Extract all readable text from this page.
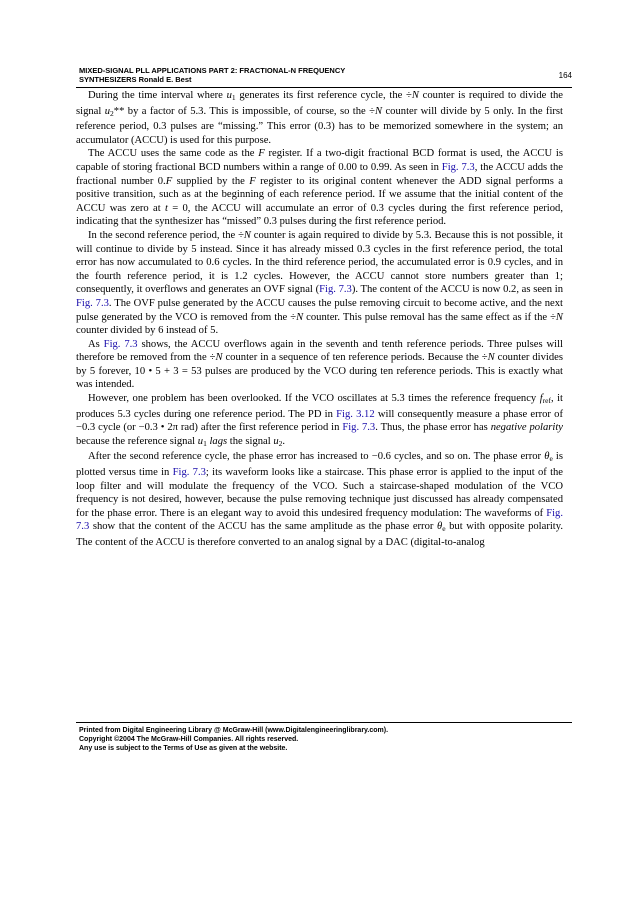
MIXED-SIGNAL PLL APPLICATIONS PART 2: FRACTIONAL-N FREQUENCY
SYNTHESIZERS Ronald E. Best	164

During the time interval where $u_1$ generates its first reference cycle, the ÷N counter is required to divide the signal $u_2**$ by a factor of 5.3. This is impossible, of course, so the ÷N counter will divide by 5 only. In the first reference period, 0.3 pulses are “missing.” This error (0.3) has to be memorized somewhere in the system; an accumulator (ACCU) is used for this purpose.

The ACCU uses the same code as the F register. If a two-digit fractional BCD format is used, the ACCU is capable of storing fractional BCD numbers within a range of 0.00 to 0.99. As seen in Fig. 7.3, the ACCU adds the fractional number 0.F supplied by the F register to its original content whenever the ADD signal performs a positive transition, such as at the beginning of each reference period. If we assume that the initial content of the ACCU was zero at t = 0, the ACCU will accumulate an error of 0.3 cycles during the first reference period, indicating that the synthesizer has “missed” 0.3 pulses during the first reference period.

In the second reference period, the ÷N counter is again required to divide by 5.3. Because this is not possible, it will continue to divide by 5 instead. Since it has already missed 0.3 cycles in the first reference period, the total error has now accumulated to 0.6 cycles. In the third reference period, the accumulated error is 0.9 cycles, and in the fourth reference period, it is 1.2 cycles. However, the ACCU cannot store numbers greater than 1; consequently, it overflows and generates an OVF signal (Fig. 7.3). The content of the ACCU is now 0.2, as seen in Fig. 7.3. The OVF pulse generated by the ACCU causes the pulse removing circuit to become active, and the next pulse generated by the VCO is removed from the ÷N counter. This pulse removal has the same effect as if the ÷N counter divided by 6 instead of 5.

As Fig. 7.3 shows, the ACCU overflows again in the seventh and tenth reference periods. Three pulses will therefore be removed from the ÷N counter in a sequence of ten reference periods. Because the ÷N counter divides by 5 forever, 10 • 5 + 3 = 53 pulses are produced by the VCO during ten reference periods. This is exactly what was intended.

However, one problem has been overlooked. If the VCO oscillates at 5.3 times the reference frequency $f_{ref}$, it produces 5.3 cycles during one reference period. The PD in Fig. 3.12 will consequently measure a phase error of −0.3 cycle (or −0.3 • 2π rad) after the first reference period in Fig. 7.3. Thus, the phase error has negative polarity because the reference signal $u_1$ lags the signal $u_2$.

After the second reference cycle, the phase error has increased to −0.6 cycles, and so on. The phase error $\theta_e$ is plotted versus time in Fig. 7.3; its waveform looks like a staircase. This phase error is applied to the input of the loop filter and will modulate the frequency of the VCO. Such a staircase-shaped modulation of the VCO frequency is not desired, however, because the pulse removing technique just discussed has already compensated for the phase error. There is an elegant way to avoid this undesired frequency modulation: The waveforms of Fig. 7.3 show that the content of the ACCU has the same amplitude as the phase error $\theta_e$ but with opposite polarity. The content of the ACCU is therefore converted to an analog signal by a DAC (digital-to-analog

Printed from Digital Engineering Library @ McGraw-Hill (www.Digitalengineeringlibrary.com).
Copyright ©2004 The McGraw-Hill Companies. All rights reserved.
Any use is subject to the Terms of Use as given at the website.
